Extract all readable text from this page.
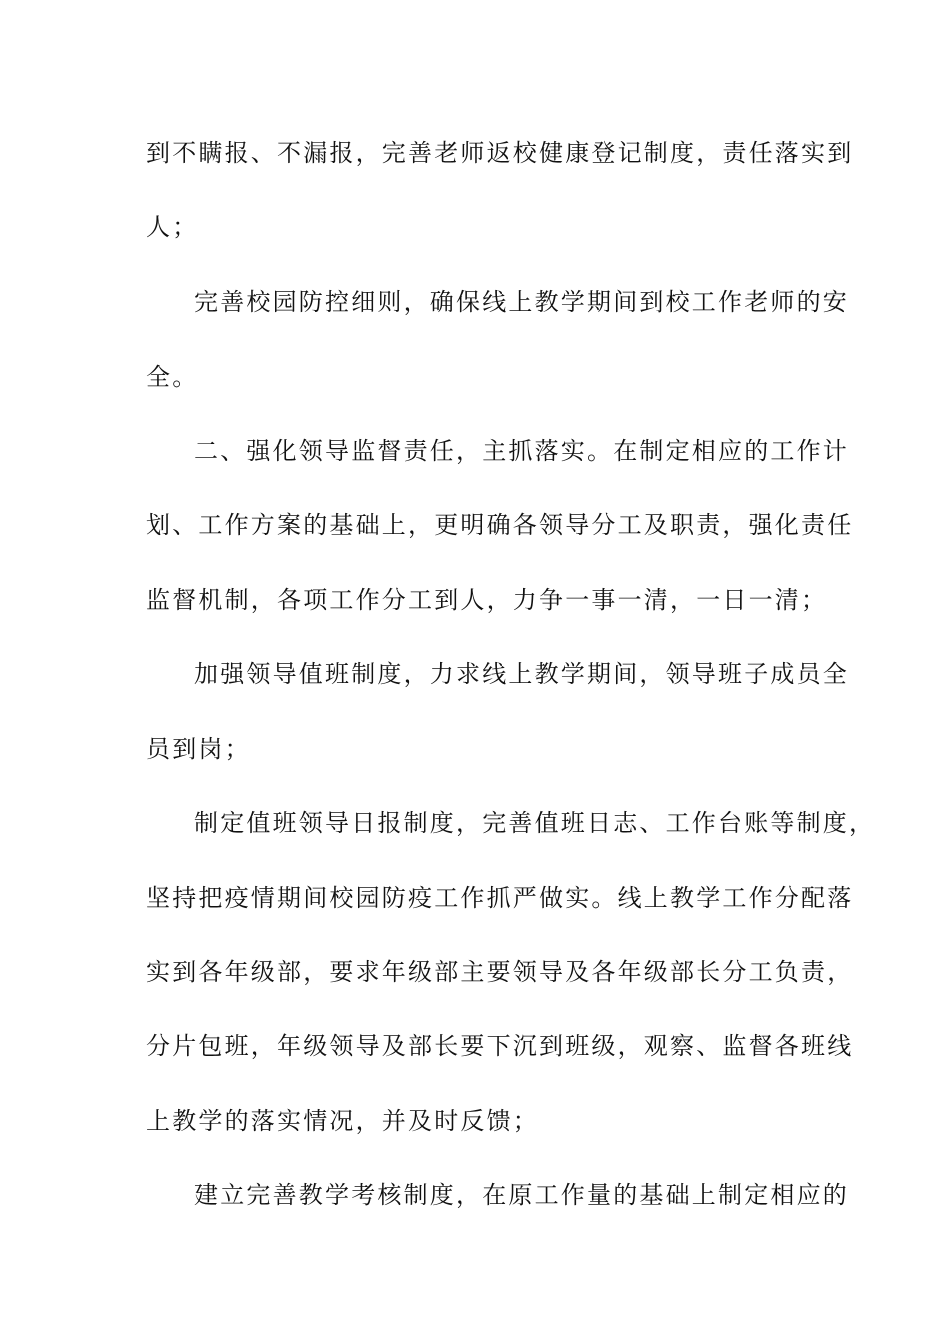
到不瞒报、不漏报，完善老师返校健康登记制度，责任落实到
人；
完善校园防控细则，确保线上教学期间到校工作老师的安
全。
二、强化领导监督责任，主抓落实。在制定相应的工作计
划、工作方案的基础上，更明确各领导分工及职责，强化责任
监督机制，各项工作分工到人，力争一事一清，一日一清；
加强领导值班制度，力求线上教学期间，领导班子成员全
员到岗；
制定值班领导日报制度，完善值班日志、工作台账等制度，
坚持把疫情期间校园防疫工作抓严做实。线上教学工作分配落
实到各年级部，要求年级部主要领导及各年级部长分工负责，
分片包班，年级领导及部长要下沉到班级，观察、监督各班线
上教学的落实情况，并及时反馈；
建立完善教学考核制度，在原工作量的基础上制定相应的
